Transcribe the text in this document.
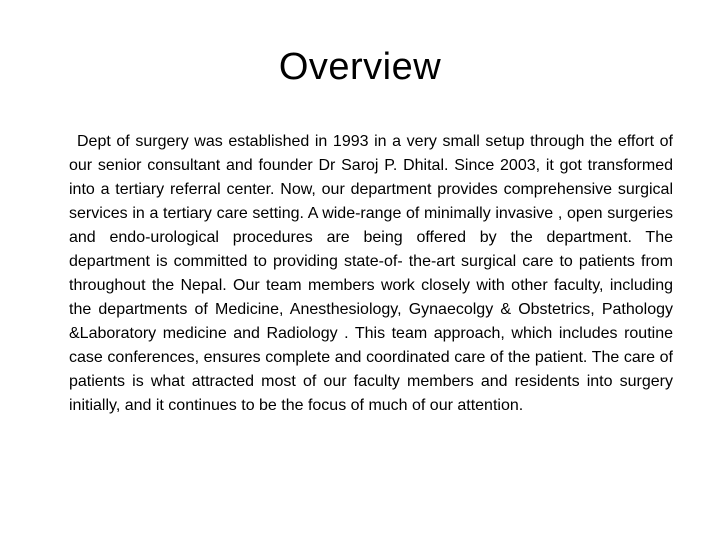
Overview

Dept of surgery was established in 1993 in a very small setup through the effort of our senior consultant and founder Dr Saroj P. Dhital. Since 2003, it got transformed into a tertiary referral center. Now, our department provides comprehensive surgical services in a tertiary care setting. A wide-range of minimally invasive , open surgeries and endo-urological procedures are being offered by the department. The department is committed to providing state-of- the-art surgical care to patients from throughout the Nepal. Our team members work closely with other faculty, including the departments of Medicine, Anesthesiology, Gynaecolgy & Obstetrics, Pathology &Laboratory medicine and Radiology . This team approach, which includes routine case conferences, ensures complete and coordinated care of the patient. The care of patients is what attracted most of our faculty members and residents into surgery initially, and it continues to be the focus of much of our attention.
